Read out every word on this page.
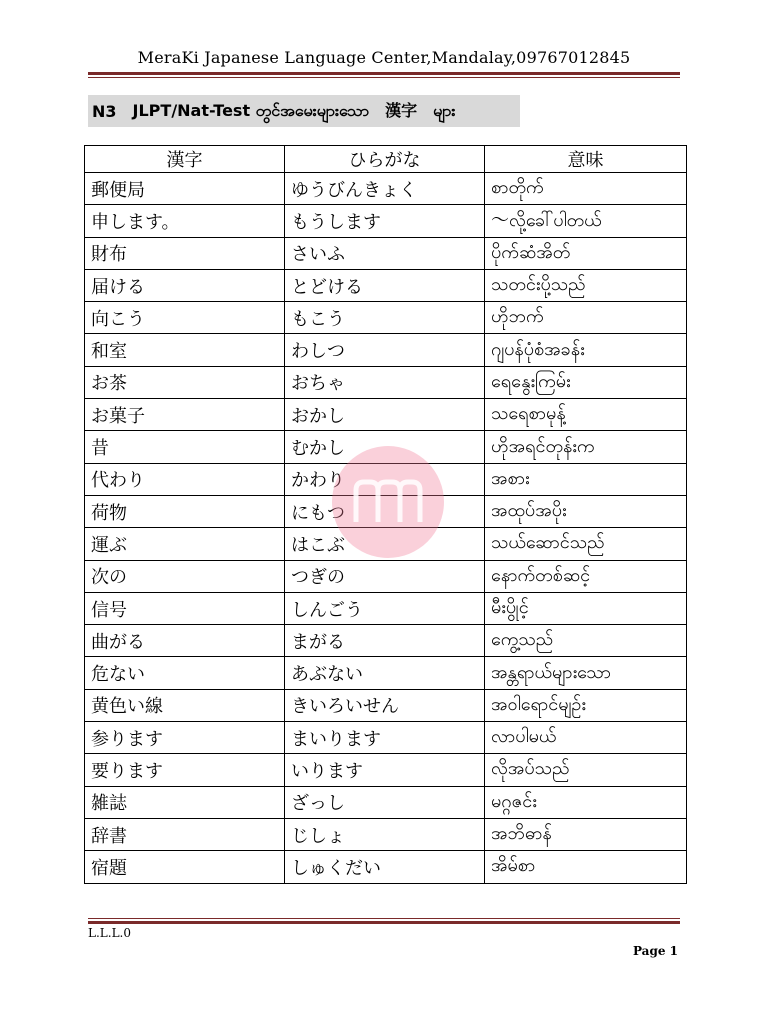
MeraKi Japanese Language Center,Mandalay,09767012845
N3 JLPT/Nat-Test တွင်အမေးများသော　漢字　များ
漢字	ひらがな	意味
郵便局	ゆうびんきょく	စာတိုက်
申します。	もうします	～လို့ခေါ်ပါတယ်
財布	さいふ	ပိုက်ဆံအိတ်
届ける	とどける	သတင်းပို့သည်
向こう	もこう	ဟိုဘက်
和室	わしつ	ဂျပန်ပုံစံအခန်း
お茶	おちゃ	ရေနွေးကြမ်း
お菓子	おかし	သရေစာမုန့်
昔	むかし	ဟိုအရင်တုန်းက
代わり	かわり	အစား
荷物	にもつ	အထုပ်အပိုး
運ぶ	はこぶ	သယ်ဆောင်သည်
次の	つぎの	နောက်တစ်ဆင့်
信号	しんごう	မီးပွိုင့်
曲がる	まがる	ကွေ့သည်
危ない	あぶない	အန္တရာယ်များသော
黄色い線	きいろいせん	အဝါရောင်မျဉ်း
参ります	まいります	လာပါမယ်
要ります	いります	လိုအပ်သည်
雑誌	ざっし	မဂ္ဂဇင်း
辞書	じしょ	အဘိဓာန်
宿題	しゅくだい	အိမ်စာ
L.L.L.0
Page 1
